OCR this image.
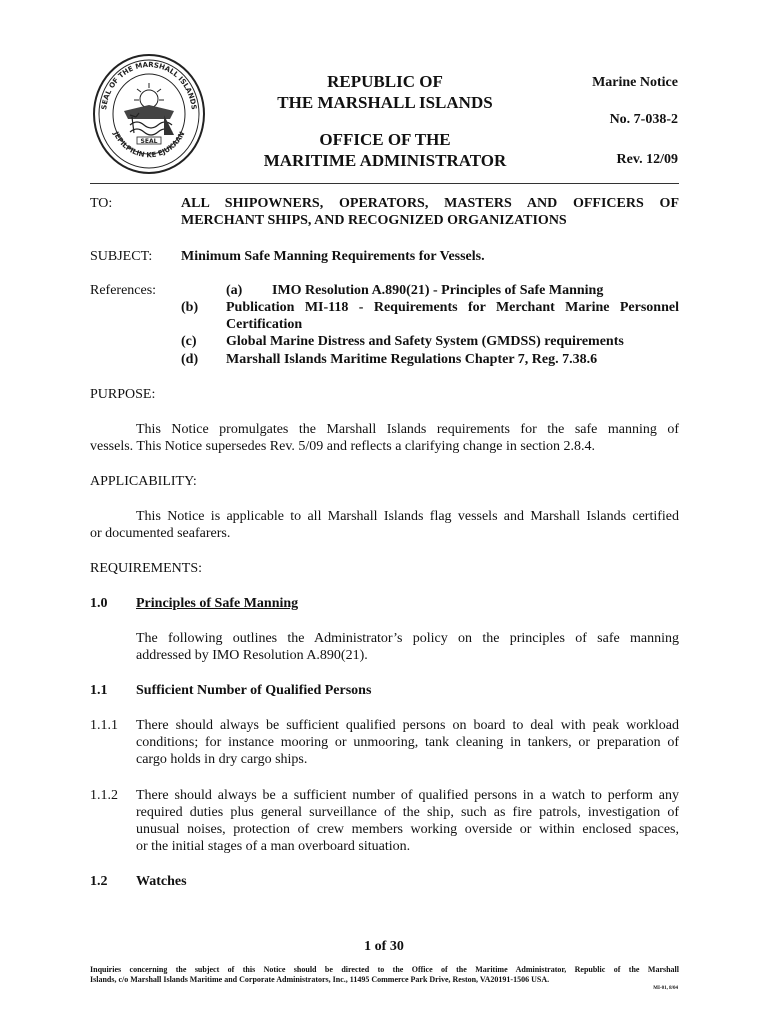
SEAL OF THE MARSHALL ISLANDS
JEPILPILIN KE EJUKAAN
SEAL
REPUBLIC OF
THE MARSHALL ISLANDS
OFFICE OF THE
MARITIME ADMINISTRATOR
Marine Notice
No. 7-038-2
Rev. 12/09
TO:	ALL SHIPOWNERS, OPERATORS, MASTERS AND OFFICERS OF
MERCHANT SHIPS, AND RECOGNIZED ORGANIZATIONS
SUBJECT: Minimum Safe Manning Requirements for Vessels.
References:	(a) IMO Resolution A.890(21) - Principles of Safe Manning
(b) Publication MI-118 - Requirements for Merchant Marine Personnel
Certification
(c) Global Marine Distress and Safety System (GMDSS) requirements
(d) Marshall Islands Maritime Regulations Chapter 7, Reg. 7.38.6
PURPOSE:
This Notice promulgates the Marshall Islands requirements for the safe manning of
vessels. This Notice supersedes Rev. 5/09 and reflects a clarifying change in section 2.8.4.
APPLICABILITY:
This Notice is applicable to all Marshall Islands flag vessels and Marshall Islands certified
or documented seafarers.
REQUIREMENTS:
1.0 Principles of Safe Manning
The following outlines the Administrator’s policy on the principles of safe manning
addressed by IMO Resolution A.890(21).
1.1 Sufficient Number of Qualified Persons
1.1.1 There should always be sufficient qualified persons on board to deal with peak workload
conditions; for instance mooring or unmooring, tank cleaning in tankers, or preparation of
cargo holds in dry cargo ships.
1.1.2 There should always be a sufficient number of qualified persons in a watch to perform any
required duties plus general surveillance of the ship, such as fire patrols, investigation of
unusual noises, protection of crew members working overside or within enclosed spaces,
or the initial stages of a man overboard situation.
1.2 Watches
1 of 30
Inquiries concerning the subject of this Notice should be directed to the Office of the Maritime Administrator, Republic of the Marshall
Islands, c/o Marshall Islands Maritime and Corporate Administrators, Inc., 11495 Commerce Park Drive, Reston, VA20191-1506 USA.
MI-01, 8/04
